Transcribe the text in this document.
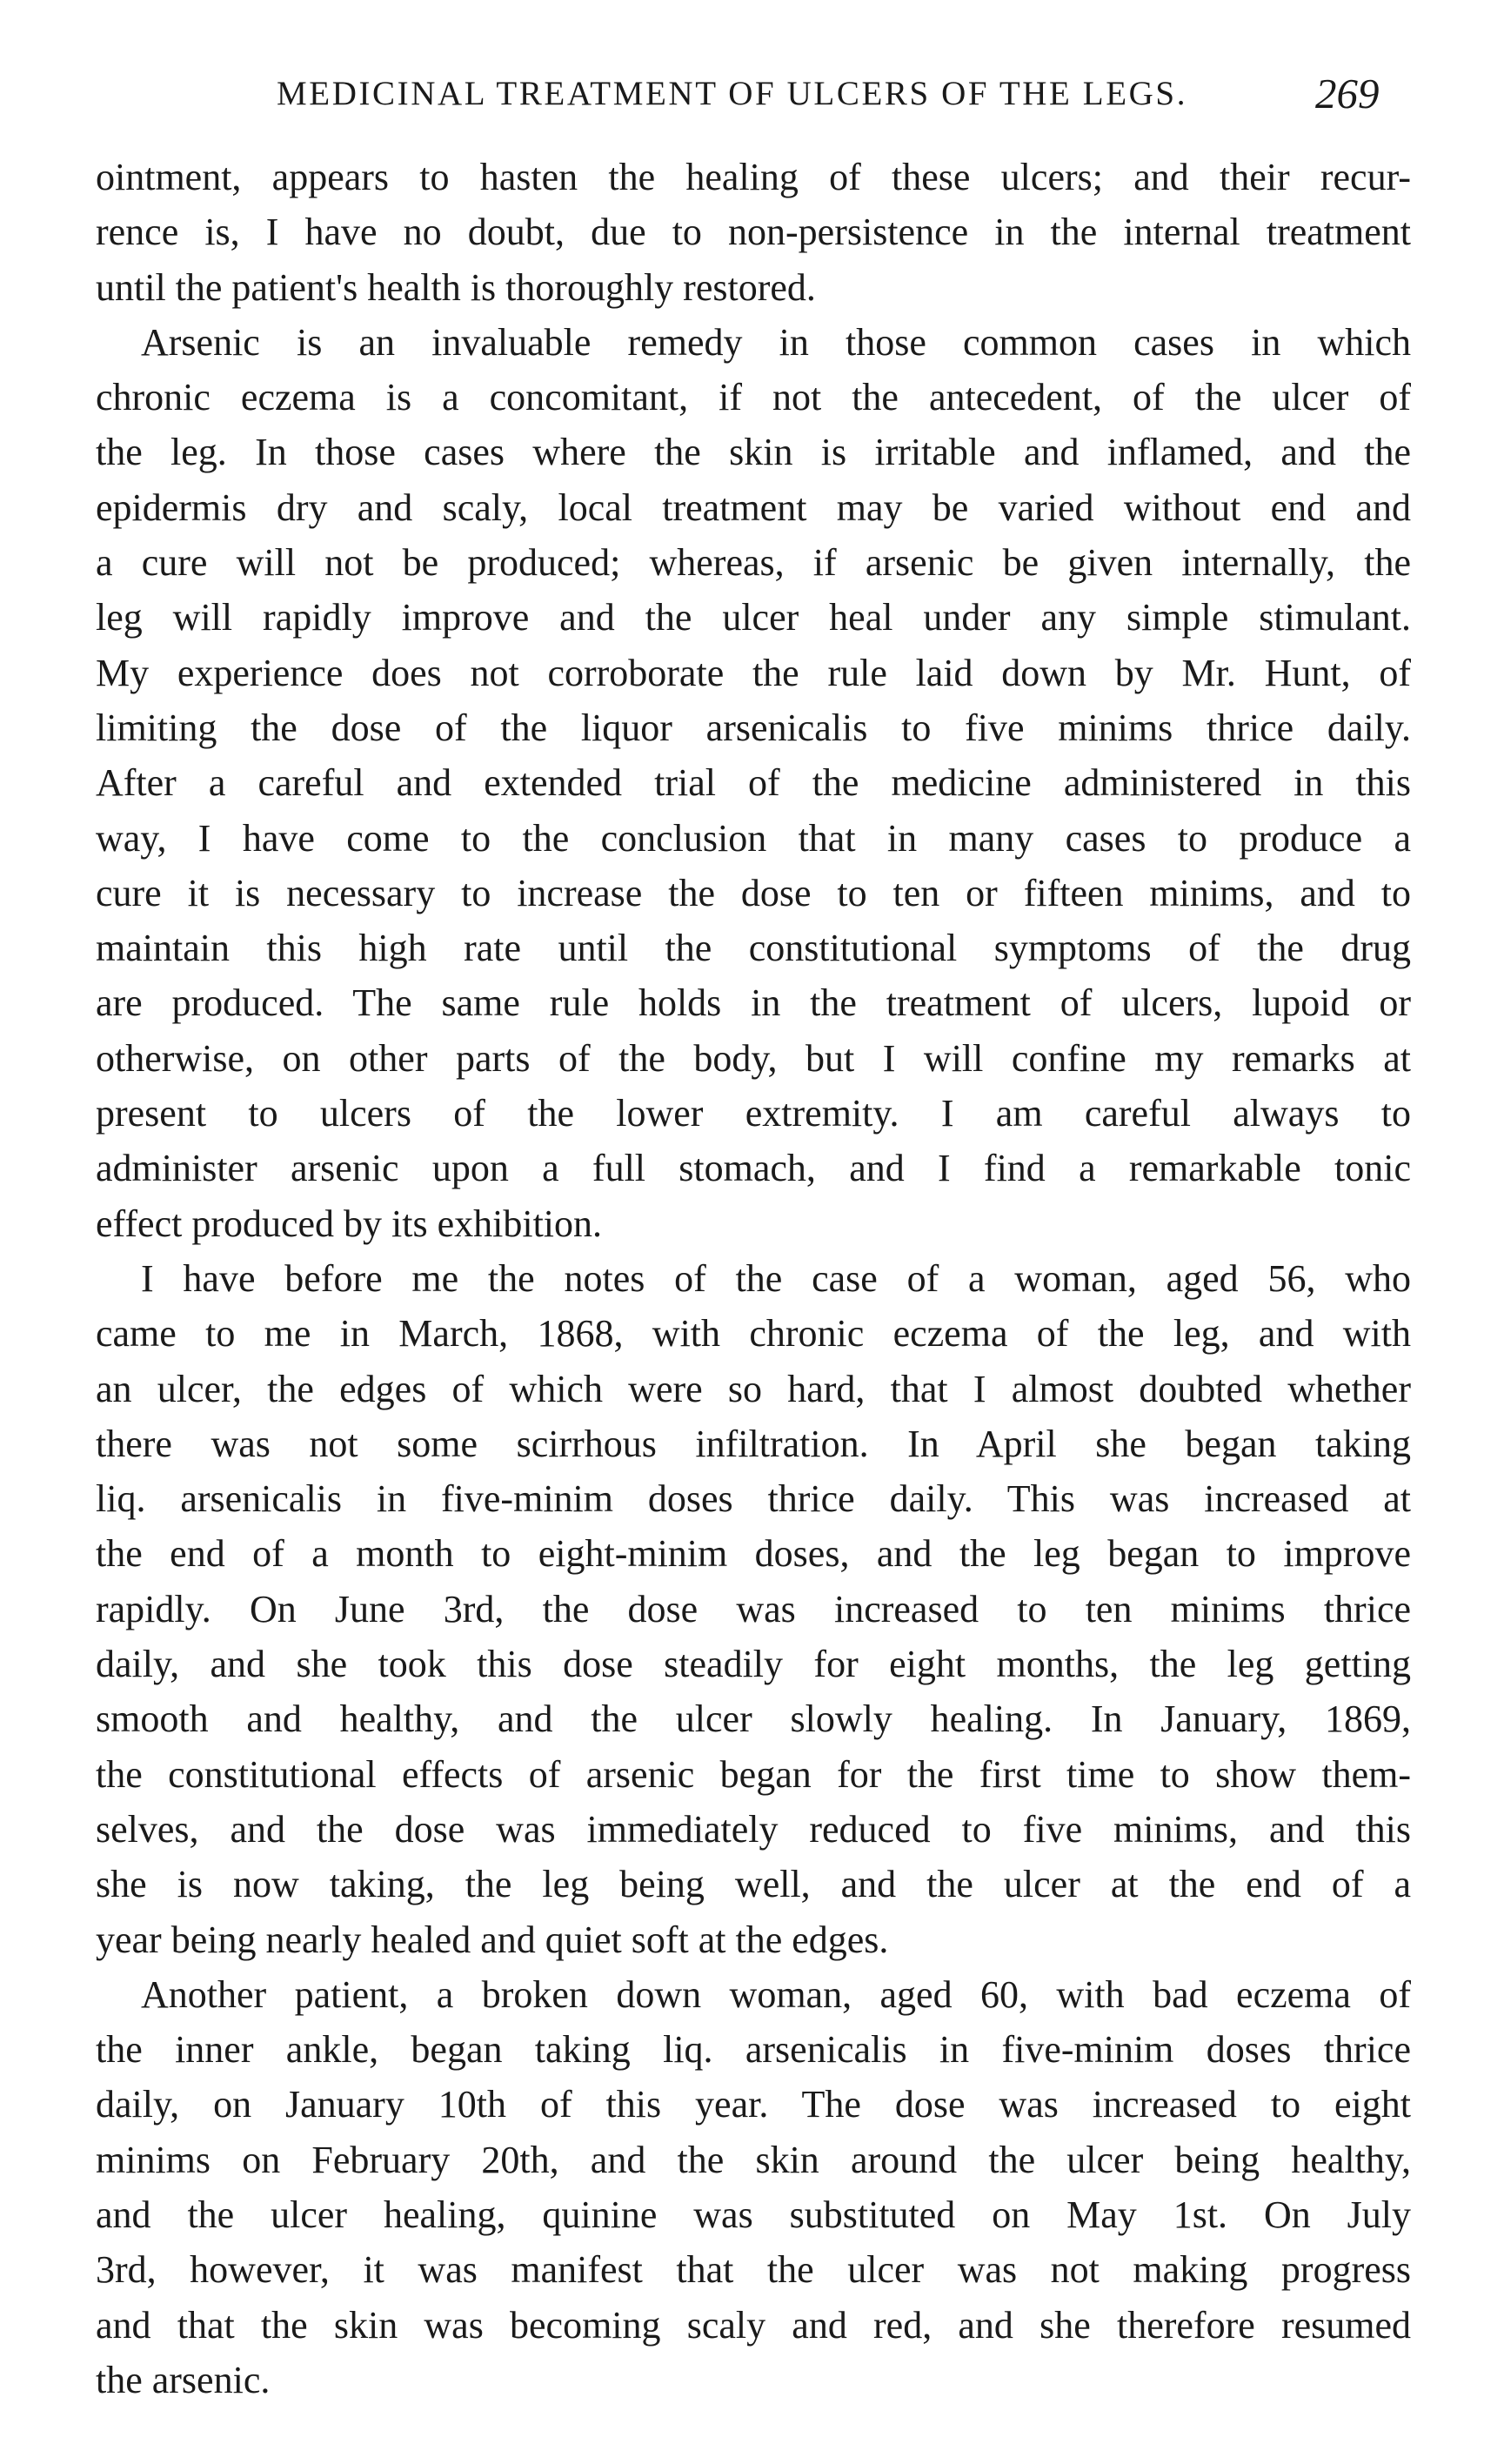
MEDICINAL TREATMENT OF ULCERS OF THE LEGS.	269
ointment, appears to hasten the healing of these ulcers; and their recur-
rence is, I have no doubt, due to non-persistence in the internal treatment
until the patient's health is thoroughly restored.
Arsenic is an invaluable remedy in those common cases in which
chronic eczema is a concomitant, if not the antecedent, of the ulcer of
the leg. In those cases where the skin is irritable and inflamed, and the
epidermis dry and scaly, local treatment may be varied without end and
a cure will not be produced; whereas, if arsenic be given internally, the
leg will rapidly improve and the ulcer heal under any simple stimulant.
My experience does not corroborate the rule laid down by Mr. Hunt, of
limiting the dose of the liquor arsenicalis to five minims thrice daily.
After a careful and extended trial of the medicine administered in this
way, I have come to the conclusion that in many cases to produce a
cure it is necessary to increase the dose to ten or fifteen minims, and to
maintain this high rate until the constitutional symptoms of the drug
are produced. The same rule holds in the treatment of ulcers, lupoid or
otherwise, on other parts of the body, but I will confine my remarks at
present to ulcers of the lower extremity. I am careful always to
administer arsenic upon a full stomach, and I find a remarkable tonic
effect produced by its exhibition.
I have before me the notes of the case of a woman, aged 56, who
came to me in March, 1868, with chronic eczema of the leg, and with
an ulcer, the edges of which were so hard, that I almost doubted whether
there was not some scirrhous infiltration. In April she began taking
liq. arsenicalis in five-minim doses thrice daily. This was increased at
the end of a month to eight-minim doses, and the leg began to improve
rapidly. On June 3rd, the dose was increased to ten minims thrice
daily, and she took this dose steadily for eight months, the leg getting
smooth and healthy, and the ulcer slowly healing. In January, 1869,
the constitutional effects of arsenic began for the first time to show them-
selves, and the dose was immediately reduced to five minims, and this
she is now taking, the leg being well, and the ulcer at the end of a
year being nearly healed and quiet soft at the edges.
Another patient, a broken down woman, aged 60, with bad eczema of
the inner ankle, began taking liq. arsenicalis in five-minim doses thrice
daily, on January 10th of this year. The dose was increased to eight
minims on February 20th, and the skin around the ulcer being healthy,
and the ulcer healing, quinine was substituted on May 1st. On July
3rd, however, it was manifest that the ulcer was not making progress
and that the skin was becoming scaly and red, and she therefore resumed
the arsenic.
